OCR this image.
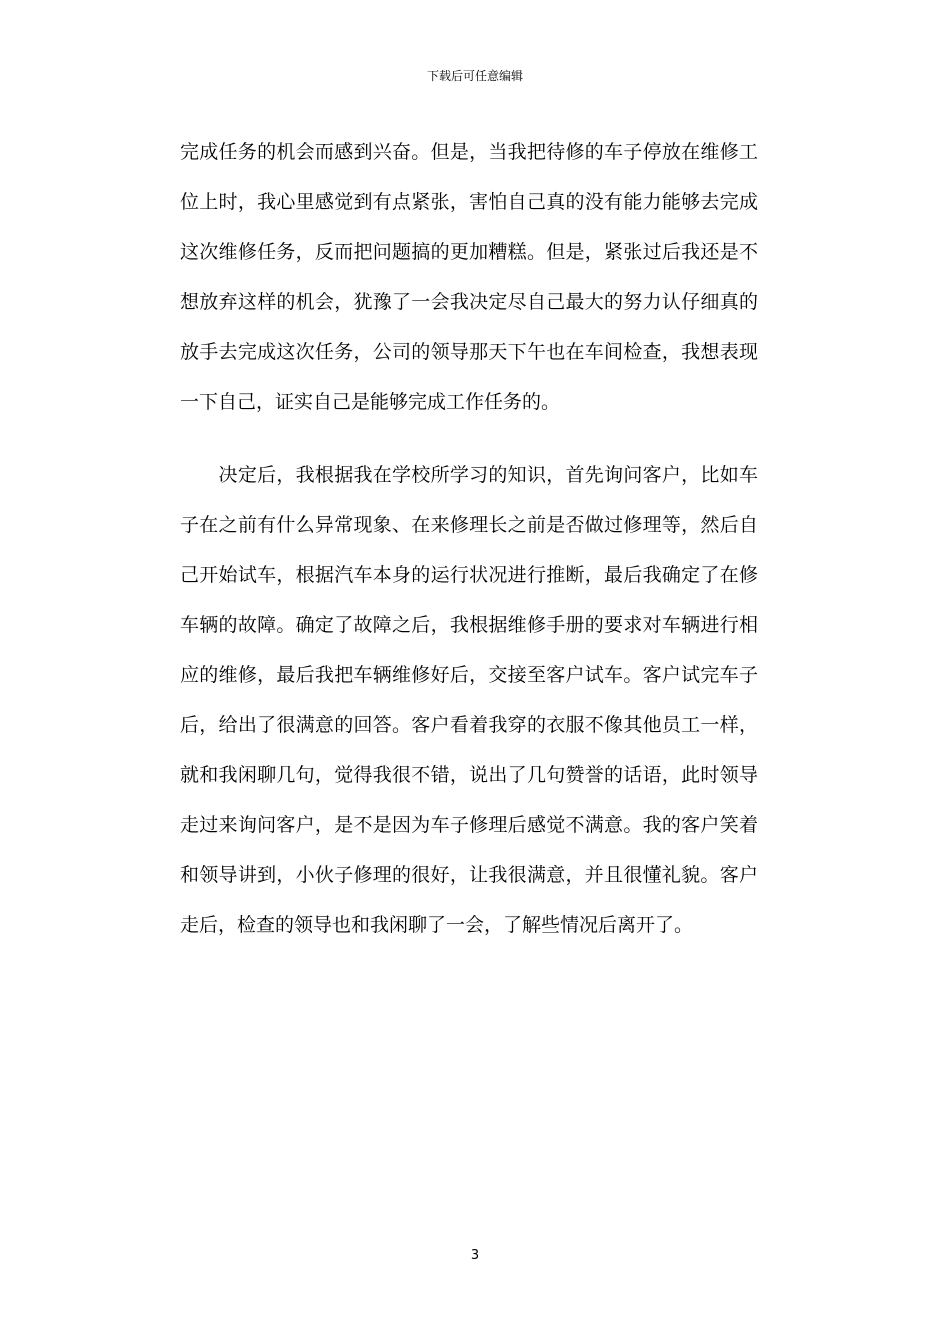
下载后可任意编辑
完成任务的机会而感到兴奋。但是，当我把待修的车子停放在维修工
位上时，我心里感觉到有点紧张，害怕自己真的没有能力能够去完成
这次维修任务，反而把问题搞的更加糟糕。但是，紧张过后我还是不
想放弃这样的机会，犹豫了一会我决定尽自己最大的努力认仔细真的
放手去完成这次任务，公司的领导那天下午也在车间检查，我想表现
一下自己，证实自己是能够完成工作任务的。
　　决定后，我根据我在学校所学习的知识，首先询问客户，比如车
子在之前有什么异常现象、在来修理长之前是否做过修理等，然后自
己开始试车，根据汽车本身的运行状况进行推断，最后我确定了在修
车辆的故障。确定了故障之后，我根据维修手册的要求对车辆进行相
应的维修，最后我把车辆维修好后，交接至客户试车。客户试完车子
后，给出了很满意的回答。客户看着我穿的衣服不像其他员工一样，
就和我闲聊几句，觉得我很不错，说出了几句赞誉的话语，此时领导
走过来询问客户，是不是因为车子修理后感觉不满意。我的客户笑着
和领导讲到，小伙子修理的很好，让我很满意，并且很懂礼貌。客户
走后，检查的领导也和我闲聊了一会，了解些情况后离开了。
3
